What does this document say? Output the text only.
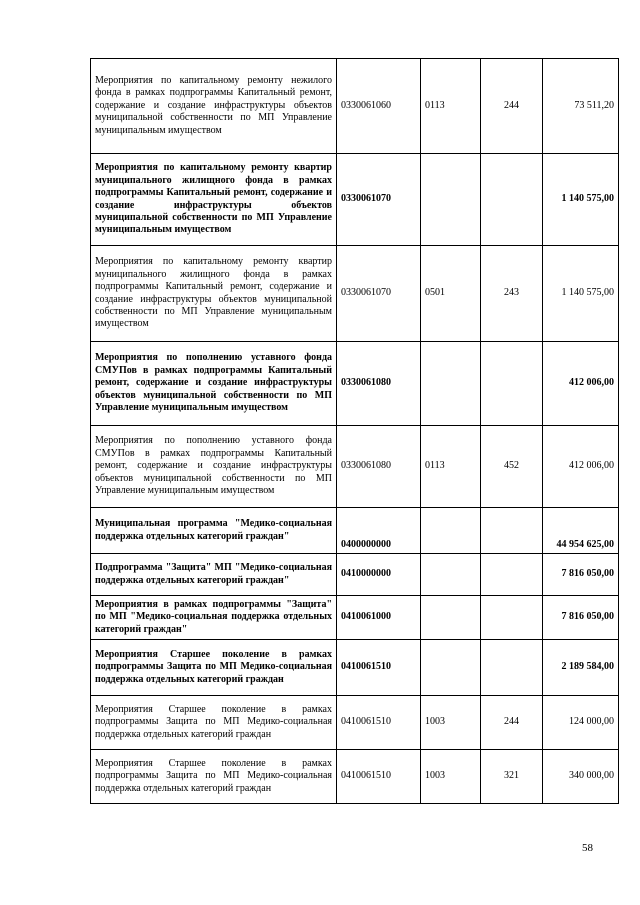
Мероприятия по капитальному ремонту нежилого фонда в рамках подпрограммы Капитальный ремонт, содержание и создание инфраструктуры объектов муниципальной собственности по МП Управление муниципальным имуществом	0330061060	0113	244	73 511,20
Мероприятия по капитальному ремонту квартир муниципального жилищного фонда в рамках подпрограммы Капитальный ремонт, содержание и создание инфраструктуры объектов муниципальной собственности по МП Управление муниципальным имуществом	0330061070			1 140 575,00
Мероприятия по капитальному ремонту квартир муниципального жилищного фонда в рамках подпрограммы Капитальный ремонт, содержание и создание инфраструктуры объектов муниципальной собственности по МП Управление муниципальным имуществом	0330061070	0501	243	1 140 575,00
Мероприятия по пополнению уставного фонда СМУПов в рамках подпрограммы Капитальный ремонт, содержание и создание инфраструктуры объектов муниципальной собственности по МП Управление муниципальным имуществом	0330061080			412 006,00
Мероприятия по пополнению уставного фонда СМУПов в рамках подпрограммы Капитальный ремонт, содержание и создание инфраструктуры объектов муниципальной собственности по МП Управление муниципальным имуществом	0330061080	0113	452	412 006,00
Муниципальная программа "Медико-социальная поддержка отдельных категорий граждан"	0400000000			44 954 625,00
Подпрограмма "Защита" МП "Медико-социальная поддержка отдельных категорий граждан"	0410000000			7 816 050,00
Мероприятия в рамках подпрограммы "Защита" по МП "Медико-социальная поддержка отдельных категорий граждан"	0410061000			7 816 050,00
Мероприятия Старшее поколение в рамках подпрограммы Защита по МП Медико-социальная поддержка отдельных категорий граждан	0410061510			2 189 584,00
Мероприятия Старшее поколение в рамках подпрограммы Защита по МП Медико-социальная поддержка отдельных категорий граждан	0410061510	1003	244	124 000,00
Мероприятия Старшее поколение в рамках подпрограммы Защита по МП Медико-социальная поддержка отдельных категорий граждан	0410061510	1003	321	340 000,00
58
